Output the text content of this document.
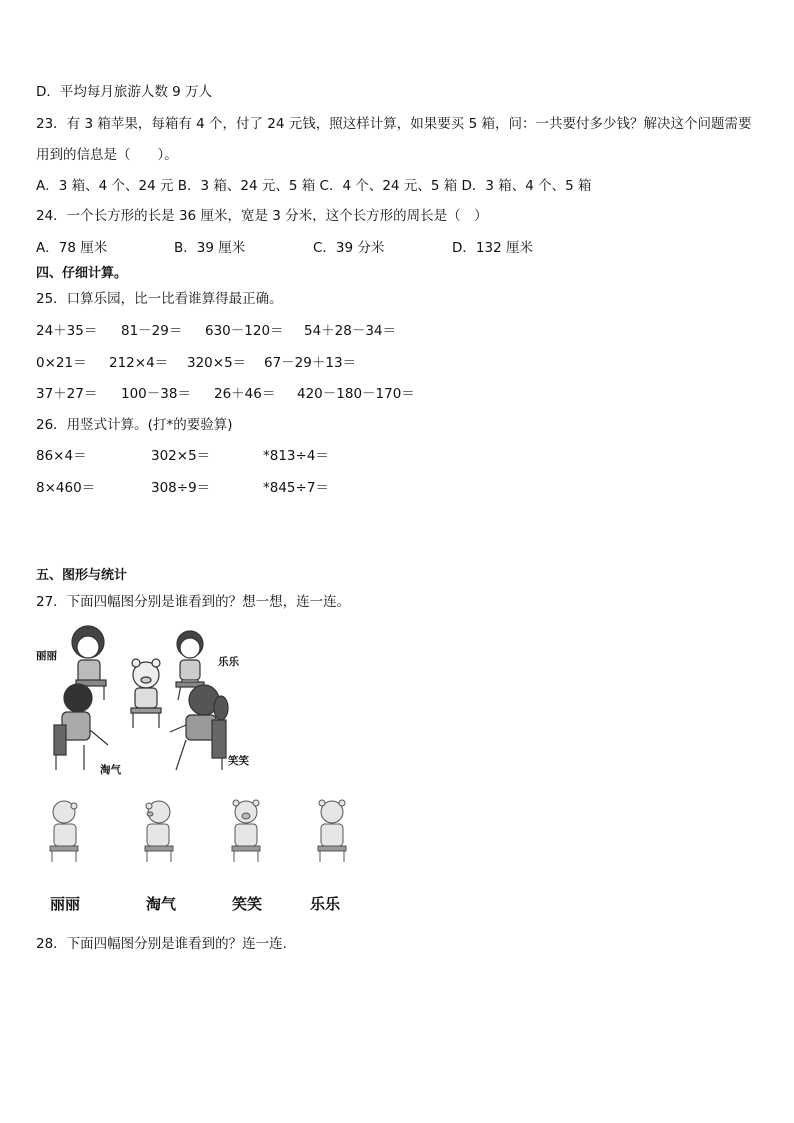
D．平均每月旅游人数 9 万人
23．有 3 箱苹果，每箱有 4 个，付了 24 元钱，照这样计算，如果要买 5 箱，问：一共要付多少钱？解决这个问题需要
用到的信息是（　　）。
A．3 箱、4 个、24 元 B．3 箱、24 元、5 箱 C．4 个、24 元、5 箱 D．3 箱、4 个、5 箱
24．一个长方形的长是 36 厘米，宽是 3 分米，这个长方形的周长是（　）
A．78 厘米	B．39 厘米	C．39 分米	D．132 厘米
四、仔细计算。
25．口算乐园，比一比看谁算得最正确。
24＋35＝ 81－29＝ 630－120＝ 54＋28－34＝
0×21＝ 212×4＝ 320×5＝ 67－29＋13＝
37＋27＝ 100－38＝ 26＋46＝ 420－180－170＝
26．用竖式计算。(打*的要验算)
86×4＝	302×5＝	*813÷4＝
8×460＝	308÷9＝	*845÷7＝
五、图形与统计
27．下面四幅图分别是谁看到的？想一想，连一连。
丽丽	乐乐
淘气
笑笑
丽丽	淘气	笑笑	乐乐
28．下面四幅图分别是谁看到的？连一连.
